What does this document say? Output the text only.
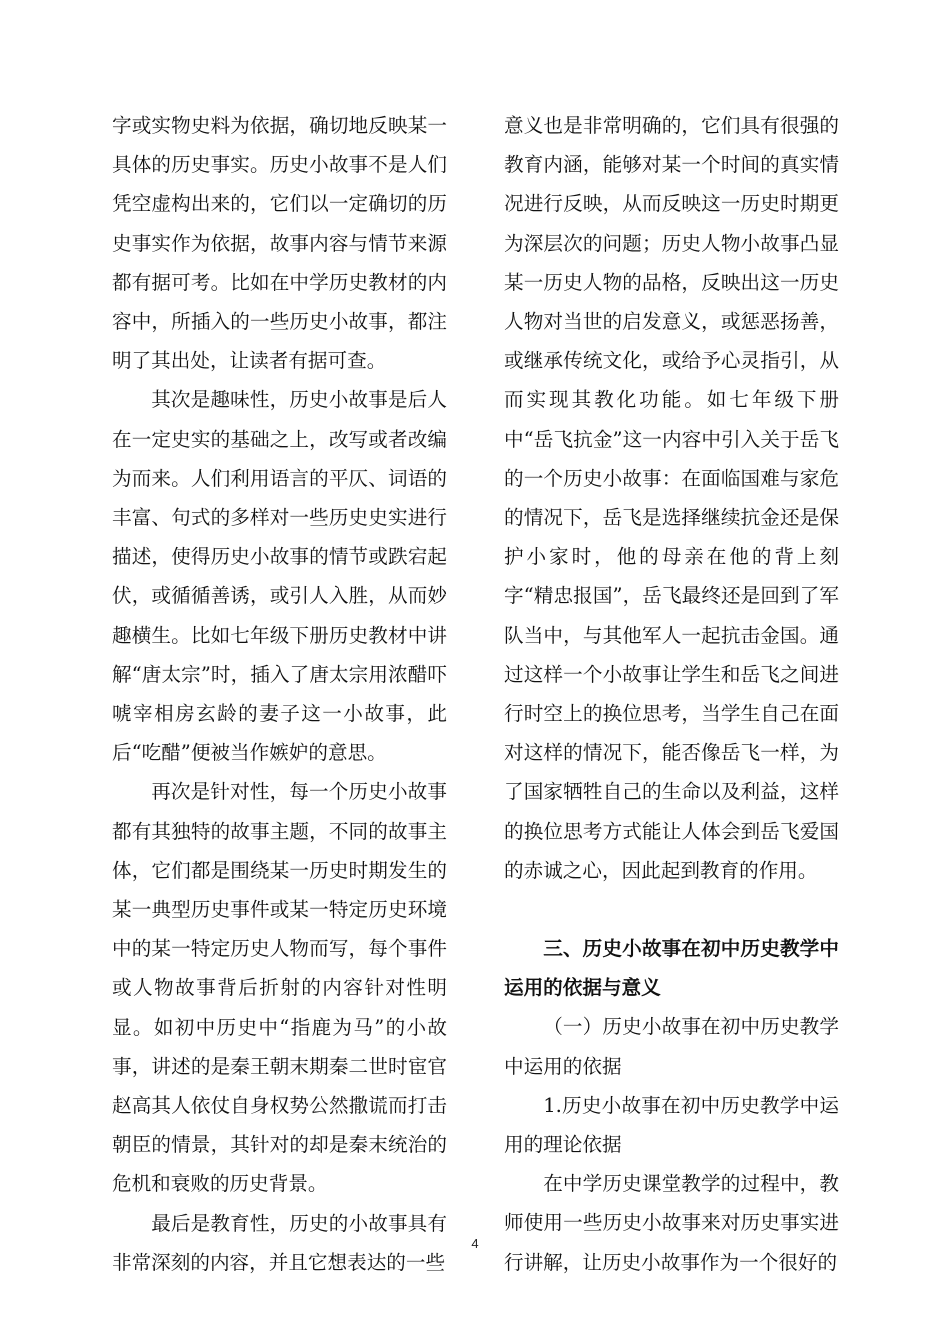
字或实物史料为依据，确切地反映某一具体的历史事实。历史小故事不是人们凭空虚构出来的，它们以一定确切的历史事实作为依据，故事内容与情节来源都有据可考。比如在中学历史教材的内容中，所插入的一些历史小故事，都注明了其出处，让读者有据可查。

其次是趣味性，历史小故事是后人在一定史实的基础之上，改写或者改编为而来。人们利用语言的平仄、词语的丰富、句式的多样对一些历史史实进行描述，使得历史小故事的情节或跌宕起伏，或循循善诱，或引人入胜，从而妙趣横生。比如七年级下册历史教材中讲解“唐太宗”时，插入了唐太宗用浓醋吓唬宰相房玄龄的妻子这一小故事，此后“吃醋”便被当作嫉妒的意思。

再次是针对性，每一个历史小故事都有其独特的故事主题，不同的故事主体，它们都是围绕某一历史时期发生的某一典型历史事件或某一特定历史环境中的某一特定历史人物而写，每个事件或人物故事背后折射的内容针对性明显。如初中历史中“指鹿为马”的小故事，讲述的是秦王朝末期秦二世时宦官赵高其人依仗自身权势公然撒谎而打击朝臣的情景，其针对的却是秦末统治的危机和衰败的历史背景。

最后是教育性，历史的小故事具有非常深刻的内容，并且它想表达的一些

意义也是非常明确的，它们具有很强的教育内涵，能够对某一个时间的真实情况进行反映，从而反映这一历史时期更为深层次的问题；历史人物小故事凸显某一历史人物的品格，反映出这一历史人物对当世的启发意义，或惩恶扬善，或继承传统文化，或给予心灵指引，从而实现其教化功能。如七年级下册中“岳飞抗金”这一内容中引入关于岳飞的一个历史小故事：在面临国难与家危的情况下，岳飞是选择继续抗金还是保护小家时，他的母亲在他的背上刻字“精忠报国”，岳飞最终还是回到了军队当中，与其他军人一起抗击金国。通过这样一个小故事让学生和岳飞之间进行时空上的换位思考，当学生自己在面对这样的情况下，能否像岳飞一样，为了国家牺牲自己的生命以及利益，这样的换位思考方式能让人体会到岳飞爱国的赤诚之心，因此起到教育的作用。

三、历史小故事在初中历史教学中运用的依据与意义

（一）历史小故事在初中历史教学中运用的依据

1.历史小故事在初中历史教学中运用的理论依据

在中学历史课堂教学的过程中，教师使用一些历史小故事来对历史事实进行讲解，让历史小故事作为一个很好的

4
